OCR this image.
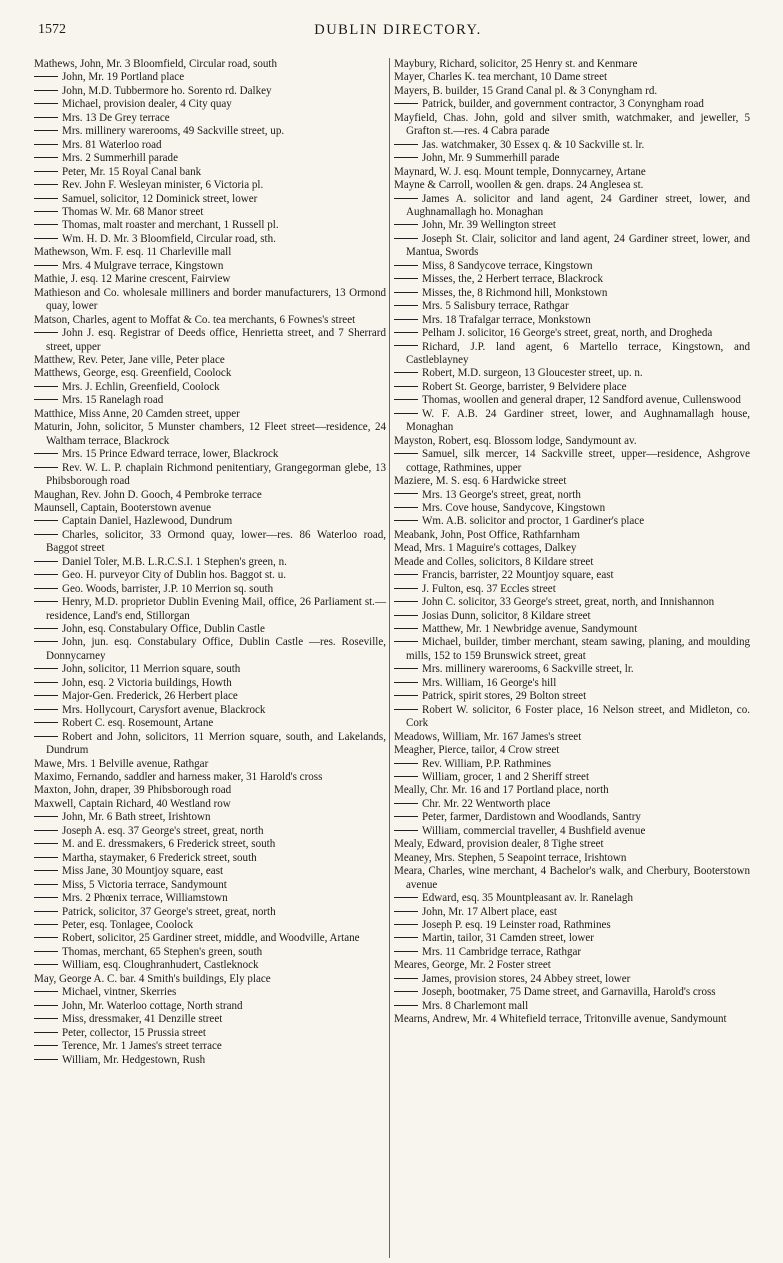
1572	DUBLIN DIRECTORY.
Mathews, John, Mr. 3 Bloomfield, Circular road, south
John, Mr. 19 Portland place
John, M.D. Tubbermore ho. Sorento rd. Dalkey
Michael, provision dealer, 4 City quay
Mrs. 13 De Grey terrace
Mrs. millinery warerooms, 49 Sackville street, up.
Mrs. 81 Waterloo road
Mrs. 2 Summerhill parade
Peter, Mr. 15 Royal Canal bank
Rev. John F. Wesleyan minister, 6 Victoria pl.
Samuel, solicitor, 12 Dominick street, lower
Thomas W. Mr. 68 Manor street
Thomas, malt roaster and merchant, 1 Russell pl.
Wm. H. D. Mr. 3 Bloomfield, Circular road, sth.
Mathewson, Wm. F. esq. 11 Charleville mall
Mrs. 4 Mulgrave terrace, Kingstown
Mathie, J. esq. 12 Marine crescent, Fairview
Mathieson and Co. wholesale milliners and border manufacturers, 13 Ormond quay, lower
Matson, Charles, agent to Moffat & Co. tea merchants, 6 Fownes's street
John J. esq. Registrar of Deeds office, Henrietta street, and 7 Sherrard street, upper
Matthew, Rev. Peter, Jane ville, Peter place
Matthews, George, esq. Greenfield, Coolock
Mrs. J. Echlin, Greenfield, Coolock
Mrs. 15 Ranelagh road
Matthice, Miss Anne, 20 Camden street, upper
Maturin, John, solicitor, 5 Munster chambers, 12 Fleet street—residence, 24 Waltham terrace, Blackrock
Mrs. 15 Prince Edward terrace, lower, Blackrock
Rev. W. L. P. chaplain Richmond penitentiary, Grangegorman glebe, 13 Phibsborough road
Maughan, Rev. John D. Gooch, 4 Pembroke terrace
Maunsell, Captain, Booterstown avenue
Captain Daniel, Hazlewood, Dundrum
Charles, solicitor, 33 Ormond quay, lower—res. 86 Waterloo road, Baggot street
Daniel Toler, M.B. L.R.C.S.I. 1 Stephen's green, n.
Geo. H. purveyor City of Dublin hos. Baggot st. u.
Geo. Woods, barrister, J.P. 10 Merrion sq. south
Henry, M.D. proprietor Dublin Evening Mail, office, 26 Parliament st.—residence, Land's end, Stillorgan
John, esq. Constabulary Office, Dublin Castle
John, jun. esq. Constabulary Office, Dublin Castle —res. Roseville, Donnycarney
John, solicitor, 11 Merrion square, south
John, esq. 2 Victoria buildings, Howth
Major-Gen. Frederick, 26 Herbert place
Mrs. Hollycourt, Carysfort avenue, Blackrock
Robert C. esq. Rosemount, Artane
Robert and John, solicitors, 11 Merrion square, south, and Lakelands, Dundrum
Mawe, Mrs. 1 Belville avenue, Rathgar
Maximo, Fernando, saddler and harness maker, 31 Harold's cross
Maxton, John, draper, 39 Phibsborough road
Maxwell, Captain Richard, 40 Westland row
John, Mr. 6 Bath street, Irishtown
Joseph A. esq. 37 George's street, great, north
M. and E. dressmakers, 6 Frederick street, south
Martha, staymaker, 6 Frederick street, south
Miss Jane, 30 Mountjoy square, east
Miss, 5 Victoria terrace, Sandymount
Mrs. 2 Phœnix terrace, Williamstown
Patrick, solicitor, 37 George's street, great, north
Peter, esq. Tonlagee, Coolock
Robert, solicitor, 25 Gardiner street, middle, and Woodville, Artane
Thomas, merchant, 65 Stephen's green, south
William, esq. Cloughranhudert, Castleknock
May, George A. C. bar. 4 Smith's buildings, Ely place
Michael, vintner, Skerries
John, Mr. Waterloo cottage, North strand
Miss, dressmaker, 41 Denzille street
Peter, collector, 15 Prussia street
Terence, Mr. 1 James's street terrace
William, Mr. Hedgestown, Rush
Maybury, Richard, solicitor, 25 Henry st. and Kenmare
Mayer, Charles K. tea merchant, 10 Dame street
Mayers, B. builder, 15 Grand Canal pl. & 3 Conyngham rd.
Patrick, builder, and government contractor, 3 Conyngham road
Mayfield, Chas. John, gold and silver smith, watchmaker, and jeweller, 5 Grafton st.—res. 4 Cabra parade
Jas. watchmaker, 30 Essex q. & 10 Sackville st. lr.
John, Mr. 9 Summerhill parade
Maynard, W. J. esq. Mount temple, Donnycarney, Artane
Mayne & Carroll, woollen & gen. draps. 24 Anglesea st.
James A. solicitor and land agent, 24 Gardiner street, lower, and Aughnamallagh ho. Monaghan
John, Mr. 39 Wellington street
Joseph St. Clair, solicitor and land agent, 24 Gardiner street, lower, and Mantua, Swords
Miss, 8 Sandycove terrace, Kingstown
Misses, the, 2 Herbert terrace, Blackrock
Misses, the, 8 Richmond hill, Monkstown
Mrs. 5 Salisbury terrace, Rathgar
Mrs. 18 Trafalgar terrace, Monkstown
Pelham J. solicitor, 16 George's street, great, north, and Drogheda
Richard, J.P. land agent, 6 Martello terrace, Kingstown, and Castleblayney
Robert, M.D. surgeon, 13 Gloucester street, up. n.
Robert St. George, barrister, 9 Belvidere place
Thomas, woollen and general draper, 12 Sandford avenue, Cullenswood
W. F. A.B. 24 Gardiner street, lower, and Aughnamallagh house, Monaghan
Mayston, Robert, esq. Blossom lodge, Sandymount av.
Samuel, silk mercer, 14 Sackville street, upper—residence, Ashgrove cottage, Rathmines, upper
Maziere, M. S. esq. 6 Hardwicke street
Mrs. 13 George's street, great, north
Mrs. Cove house, Sandycove, Kingstown
Wm. A.B. solicitor and proctor, 1 Gardiner's place
Meabank, John, Post Office, Rathfarnham
Mead, Mrs. 1 Maguire's cottages, Dalkey
Meade and Colles, solicitors, 8 Kildare street
Francis, barrister, 22 Mountjoy square, east
J. Fulton, esq. 37 Eccles street
John C. solicitor, 33 George's street, great, north, and Innishannon
Josias Dunn, solicitor, 8 Kildare street
Matthew, Mr. 1 Newbridge avenue, Sandymount
Michael, builder, timber merchant, steam sawing, planing, and moulding mills, 152 to 159 Brunswick street, great
Mrs. millinery warerooms, 6 Sackville street, lr.
Mrs. William, 16 George's hill
Patrick, spirit stores, 29 Bolton street
Robert W. solicitor, 6 Foster place, 16 Nelson street, and Midleton, co. Cork
Meadows, William, Mr. 167 James's street
Meagher, Pierce, tailor, 4 Crow street
Rev. William, P.P. Rathmines
William, grocer, 1 and 2 Sheriff street
Meally, Chr. Mr. 16 and 17 Portland place, north
Chr. Mr. 22 Wentworth place
Peter, farmer, Dardistown and Woodlands, Santry
William, commercial traveller, 4 Bushfield avenue
Mealy, Edward, provision dealer, 8 Tighe street
Meaney, Mrs. Stephen, 5 Seapoint terrace, Irishtown
Meara, Charles, wine merchant, 4 Bachelor's walk, and Cherbury, Booterstown avenue
Edward, esq. 35 Mountpleasant av. lr. Ranelagh
John, Mr. 17 Albert place, east
Joseph P. esq. 19 Leinster road, Rathmines
Martin, tailor, 31 Camden street, lower
Mrs. 11 Cambridge terrace, Rathgar
Meares, George, Mr. 2 Foster street
James, provision stores, 24 Abbey street, lower
Joseph, bootmaker, 75 Dame street, and Garnavilla, Harold's cross
Mrs. 8 Charlemont mall
Mearns, Andrew, Mr. 4 Whitefield terrace, Tritonville avenue, Sandymount
